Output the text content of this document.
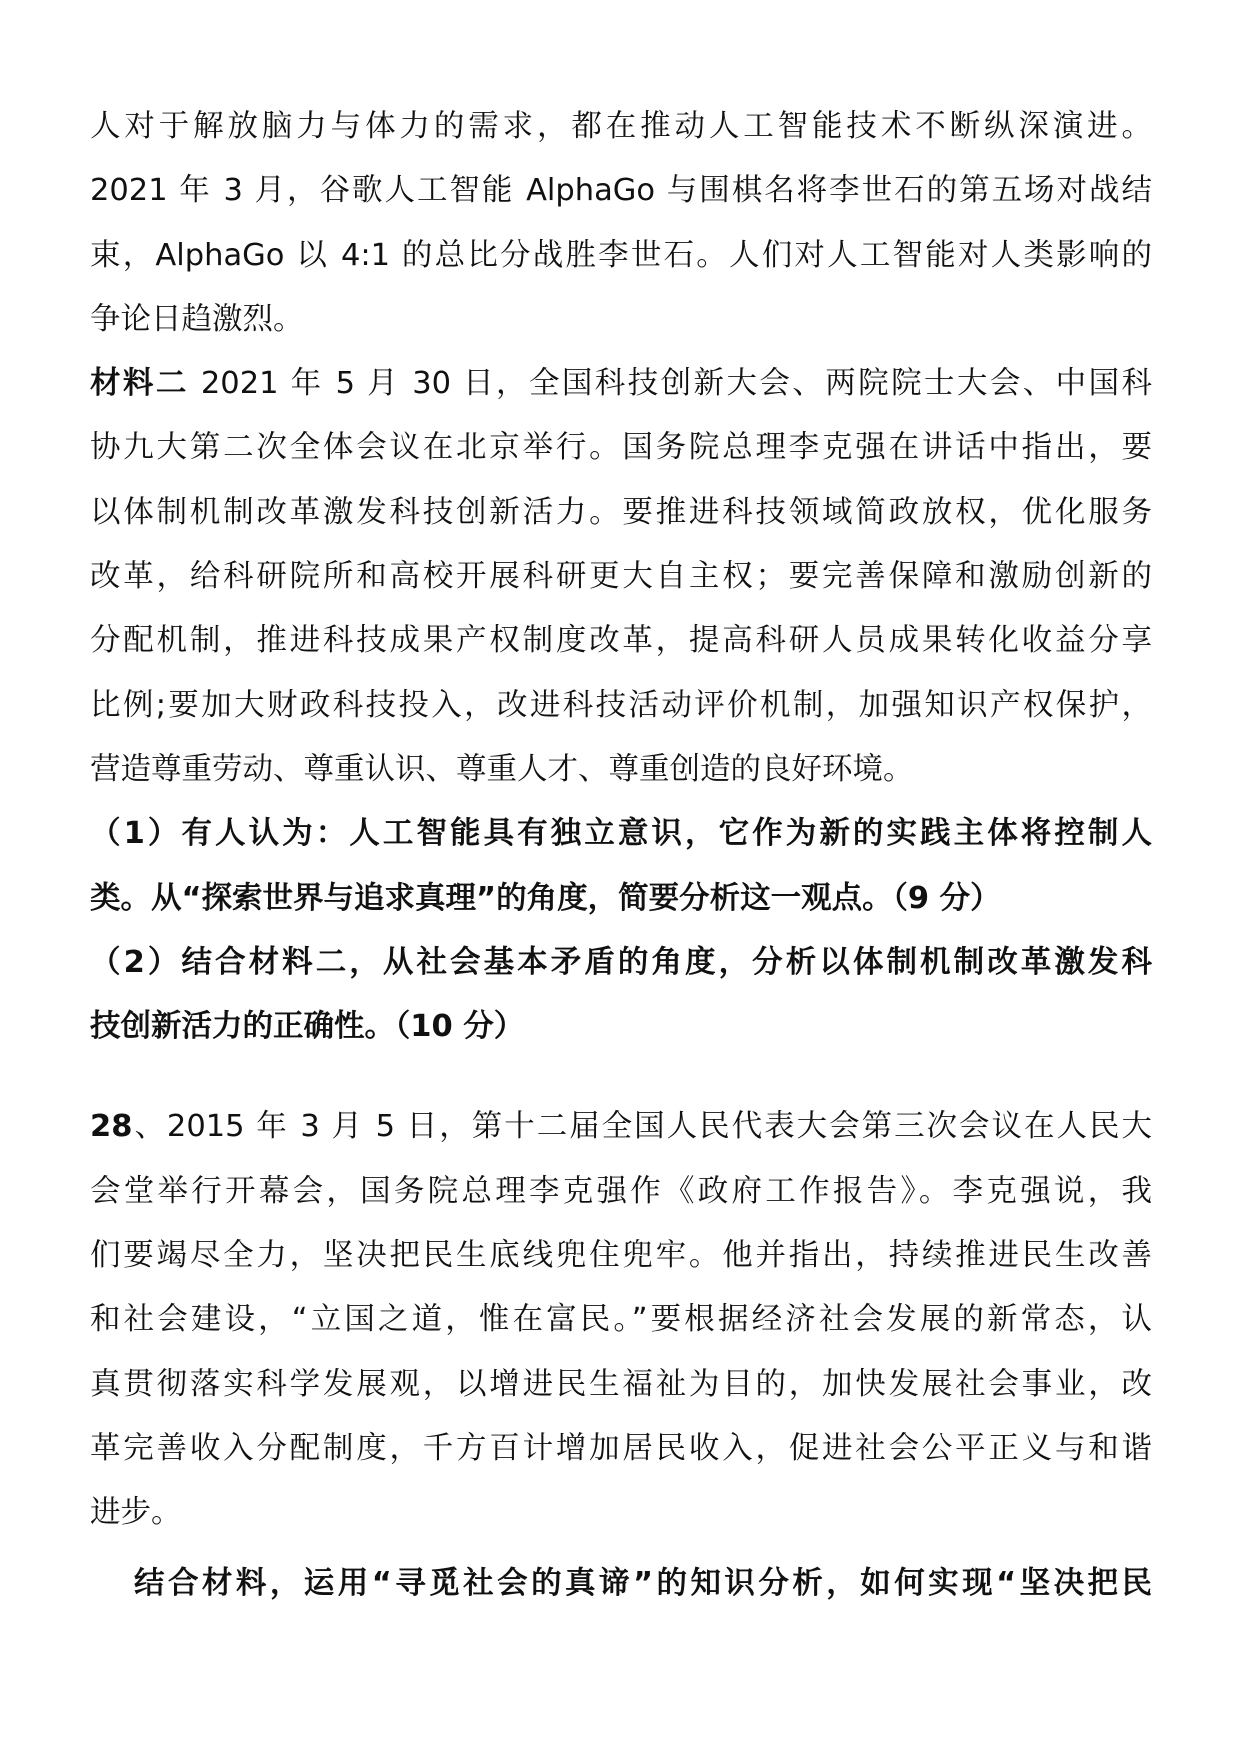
人对于解放脑力与体力的需求，都在推动人工智能技术不断纵深演进。
2021 年 3 月，谷歌人工智能 AlphaGo 与围棋名将李世石的第五场对战结
束，AlphaGo 以 4:1 的总比分战胜李世石。人们对人工智能对人类影响的
争论日趋激烈。
材料二 2021 年 5 月 30 日，全国科技创新大会、两院院士大会、中国科
协九大第二次全体会议在北京举行。国务院总理李克强在讲话中指出，要
以体制机制改革激发科技创新活力。要推进科技领域简政放权，优化服务
改革，给科研院所和高校开展科研更大自主权；要完善保障和激励创新的
分配机制，推进科技成果产权制度改革，提高科研人员成果转化收益分享
比例;要加大财政科技投入，改进科技活动评价机制，加强知识产权保护，
营造尊重劳动、尊重认识、尊重人才、尊重创造的良好环境。
（1）有人认为：人工智能具有独立意识，它作为新的实践主体将控制人
类。从“探索世界与追求真理”的角度，简要分析这一观点。（9 分）
（2）结合材料二，从社会基本矛盾的角度，分析以体制机制改革激发科
技创新活力的正确性。（10 分）
28、2015 年 3 月 5 日，第十二届全国人民代表大会第三次会议在人民大
会堂举行开幕会，国务院总理李克强作《政府工作报告》。李克强说，我
们要竭尽全力，坚决把民生底线兜住兜牢。他并指出，持续推进民生改善
和社会建设，“立国之道，惟在富民。”要根据经济社会发展的新常态，认
真贯彻落实科学发展观，以增进民生福祉为目的，加快发展社会事业，改
革完善收入分配制度，千方百计增加居民收入，促进社会公平正义与和谐
进步。
结合材料，运用“寻觅社会的真谛”的知识分析，如何实现“坚决把民
